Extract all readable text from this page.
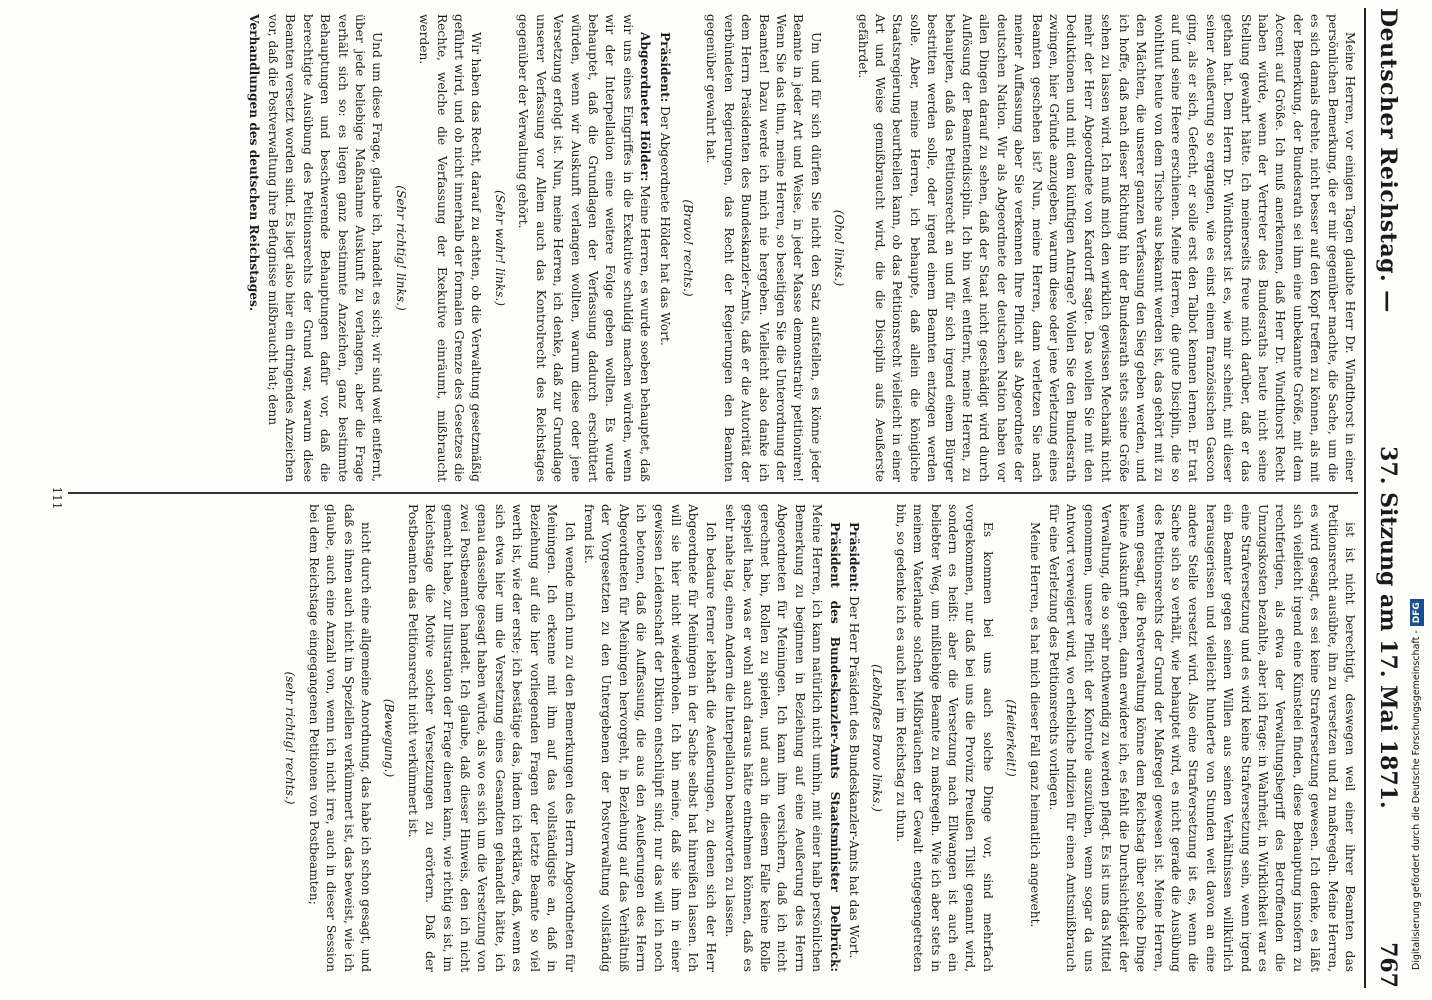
Deutscher Reichstag. —
37. Sitzung am 17. Mai 1871.
767

Meine Herren, vor einigen Tagen glaubte Herr Dr. Windthorst in einer persönlichen Bemerkung, die er mir gegenüber machte, die Sache, um die es sich damals drehte, nicht besser auf den Kopf treffen zu können, als mit der Bemerkung, der Bundesrath sei ihm eine unbekannte Größe, mit dem Accent auf Größe. Ich muß anerkennen, daß Herr Dr. Windthorst Recht haben würde, wenn der Vertreter des Bundesraths heute nicht seine Stellung gewahrt hätte. Ich meinerseits freue mich darüber, daß er das gethan hat. Dem Herrn Dr. Windthorst ist es, wie mir scheint, mit dieser seiner Aeußerung so ergangen, wie es einst einem französischen Gascon ging, als er sich, Gefecht, er solle erst den Talbot kennen lernen. Er trat auf und seine Heere erschienen. Meine Herren, die gute Disciplin, die so wohlthut heute von dem Tische aus bekannt werden ist, das gehört mit zu den Mächten, die unserer ganzen Verfassung den Sieg geben werden, und ich hoffe, daß nach dieser Richtung hin der Bundesrath stets seine Größe sehen zu lassen wird. Ich muß mich den wirklich gewissen Mechanik nicht mehr der Herr Abgeordnete von Kardorff sagte. Das wollen Sie mit den Deduktionen und mit dem künftigen Antrage? Wollen Sie den Bundesrath zwingen, hier Gründe anzugeben, warum diese oder jene Verletzung eines Beamten geschehen ist? Nun, meine Herren, dann verletzen Sie nach meiner Auffassung aber Sie verkennen Ihre Pflicht als Abgeordnete der deutschen Nation. Wir als Abgeordnete der deutschen Nation haben vor allen Dingen darauf zu sehen, daß der Staat nicht geschädigt wird durch Auflösung der Beamtendisciplin. Ich bin weit entfernt, meine Herren, zu behaupten, daß das Petitionsrecht an und für sich irgend einem Bürger bestritten werden solle, oder irgend einem Beamten entzogen werden solle. Aber, meine Herren, ich behaupte, daß allein die königliche Staatsregierung beurtheilen kann, ob das Petitionsrecht vielleicht in einer Art und Weise gemißbraucht wird, die die Disciplin aufs Aeußerste gefährdet.

(Oho! links.)

Um und für sich dürfen Sie nicht den Satz aufstellen, es könne jeder Beamte in jeder Art und Weise, in jeder Masse demonstrativ petitioniren! Wenn Sie das thun, meine Herren, so beseitigen Sie die Unterordnung der Beamten! Dazu werde ich mich nie hergeben. Vielleicht also danke ich dem Herrn Präsidenten des Bundeskanzler-Amts, daß er die Autorität der verbündeten Regierungen, das Recht der Regierungen den Beamten gegenüber gewahrt hat.

(Bravo! rechts.)

Präsident: Der Abgeordnete Hölder hat das Wort.

Abgeordneter Hölder: Meine Herren, es wurde soeben behauptet, daß wir uns eines Eingriffes in die Exekutive schuldig machen würden, wenn wir der Interpellation eine weitere Folge geben wollten. Es wurde behauptet, daß die Grundlagen der Verfassung dadurch erschüttert würden, wenn wir Auskunft verlangen wollten, warum diese oder jene Versetzung erfolgt ist. Nun, meine Herren, ich denke, daß zur Grundlage unserer Verfassung vor Allem auch das Kontrolrecht des Reichstages gegenüber der Verwaltung gehört.

(Sehr wahr! links.)

Wir haben das Recht, darauf zu achten, ob die Verwaltung gesetzmäßig geführt wird, und ob nicht innerhalb der formalen Grenze des Gesetzes die Rechte, welche die Verfassung der Exekutive einräumt, mißbraucht werden.

(Sehr richtig! links.)

Und um diese Frage, glaube ich, handelt es sich; wir sind weit entfernt, über jede beliebige Maßnahme Auskunft zu verlangen, aber die Frage verhält sich so: es liegen ganz bestimmte Anzeichen, ganz bestimmte Behauptungen und beschwerende Behauptungen dafür vor, daß die berechtigte Ausübung des Petitionsrechts der Grund war, warum diese Beamten versetzt worden sind. Es liegt also hier ein dringendes Anzeichen vor, daß die Postverwaltung ihre Befugnisse mißbraucht hat; denn

Verhandlungen des deutschen Reichstages.

ist ist nicht berechtigt, deswegen weil einer ihrer Beamten das Petitionsrecht ausübte, ihn zu versetzen und zu maßregeln. Meine Herren, es wird gesagt, es sei keine Strafversetzung gewesen. Ich denke, es läßt sich vielleicht irgend eine Künstelei finden, diese Behauptung insofern zu rechtfertigen, als etwa der Verwaltungsbegriff des Betroffenden die Umzugskosten bezahlte, aber ich frage: in Wahrheit, in Wirklichkeit war es eine Strafversetzung und es wird keine Strafversetzung sein, wenn irgend ein Beamter gegen seinen Willen aus seinen Verhältnissen willkürlich herausgerissen und vielleicht hunderte von Stunden weit davon an eine andere Stelle versetzt wird. Also eine Strafversetzung ist es, wenn die Sache sich so verhält, wie behauptet wird, es nicht gerade die Ausübung des Petitionsrechts der Grund der Maßregel gewesen ist. Meine Herren, wenn gesagt, die Postverwaltung könne dem Reichstag über solche Dinge keine Auskunft geben, dann erwidere ich, es fehlt die Durchsichtigkeit der Verwaltung, die so sehr nothwendig zu werden pflegt. Es ist uns das Mittel genommen, unsere Pflicht der Kontrole auszuüben, wenn sogar da uns Antwort verweigert wird, wo erhebliche Indizien für einen Amtsmißbrauch für eine Verletzung des Petitionsrechts vorliegen.

Meine Herren, es hat mich dieser Fall ganz heimatlich angeweht.

(Heiterkeit!)

Es kommen bei uns auch solche Dinge vor, sind mehrfach vorgekommen, nur daß bei uns die Provinz Preußen Tilsit genannt wird, sondern es heißt: aber die Versetzung nach Ellwangen ist auch ein beliebter Weg, um mißliebige Beamte zu maßregeln. Wie ich aber stets in meinem Vaterlande solchen Mißbräuchen der Gewalt entgegengetreten bin, so gedenke ich es auch hier im Reichstag zu thun.

(Lebhaftes Bravo links.)

Präsident: Der Herr Präsident des Bundeskanzler-Amts hat das Wort.

Präsident des Bundeskanzler-Amts Staatsminister Delbrück: Meine Herren, ich kann natürlich nicht umhin, mit einer halb persönlichen Bemerkung zu beginnen in Beziehung auf eine Aeußerung des Herrn Abgeordneten für Meiningen. Ich kann ihm versichern, daß ich nicht gerechnet bin, Rollen zu spielen, und auch in diesem Falle keine Rolle gespielt habe, was er wohl auch daraus hätte entnehmen können, daß es sehr nahe lag, einen Andern die Interpellation beantworten zu lassen.

Ich bedaure ferner lebhaft die Aeußerungen, zu denen sich der Herr Abgeordnete für Meiningen in der Sache selbst hat hinreißen lassen. Ich will sie hier nicht wiederholen. Ich bin meine, daß sie ihm in einer gewissen Leidenschaft der Diktion entschlüpft sind; nur das will ich noch ich betonen, daß die Auffassung, die aus den Aeußerungen des Herrn Abgeordneten für Meiningen hervorgeht, in Beziehung auf das Verhältniß der Vorgesetzten zu den Untergebenen der Postverwaltung vollständig fremd ist.

Ich wende mich nun zu den Bemerkungen des Herrn Abgeordneten für Meiningen. Ich erkenne mit ihm auf das vollständigste an, daß in Beziehung auf die hier vorliegenden Fragen der letzte Beamte so viel werth ist, wie der erste; ich bestätige das, indem ich erkläre, daß, wenn es sich etwa hier um die Versetzung eines Gesandten gehandelt hätte, ich genau dasselbe gesagt haben würde, als wo es sich um die Versetzung von zwei Postbeamten handelt. Ich glaube, daß dieser Hinweis, den ich nicht gemacht habe, zur Illustration der Frage dienen kann, wie richtig es ist, im Reichstage die Motive solcher Versetzungen zu erörtern. Daß der Postbeamten das Petitionsrecht nicht verkümmert ist.

(Bewegung.)

nicht durch eine allgemeine Anordnung, das habe ich schon gesagt, und daß es ihnen auch nicht im Speziellen verkümmert ist, das beweist, wie ich glaube, auch eine Anzahl von, wenn ich nicht irre, auch in dieser Session bei dem Reichstage eingegangenen Petitionen von Postbeamten;

(sehr richtig! rechts.)

111
Digitalisierung gefördert durch die Deutsche Forschungsgemeinschaft -DFG
